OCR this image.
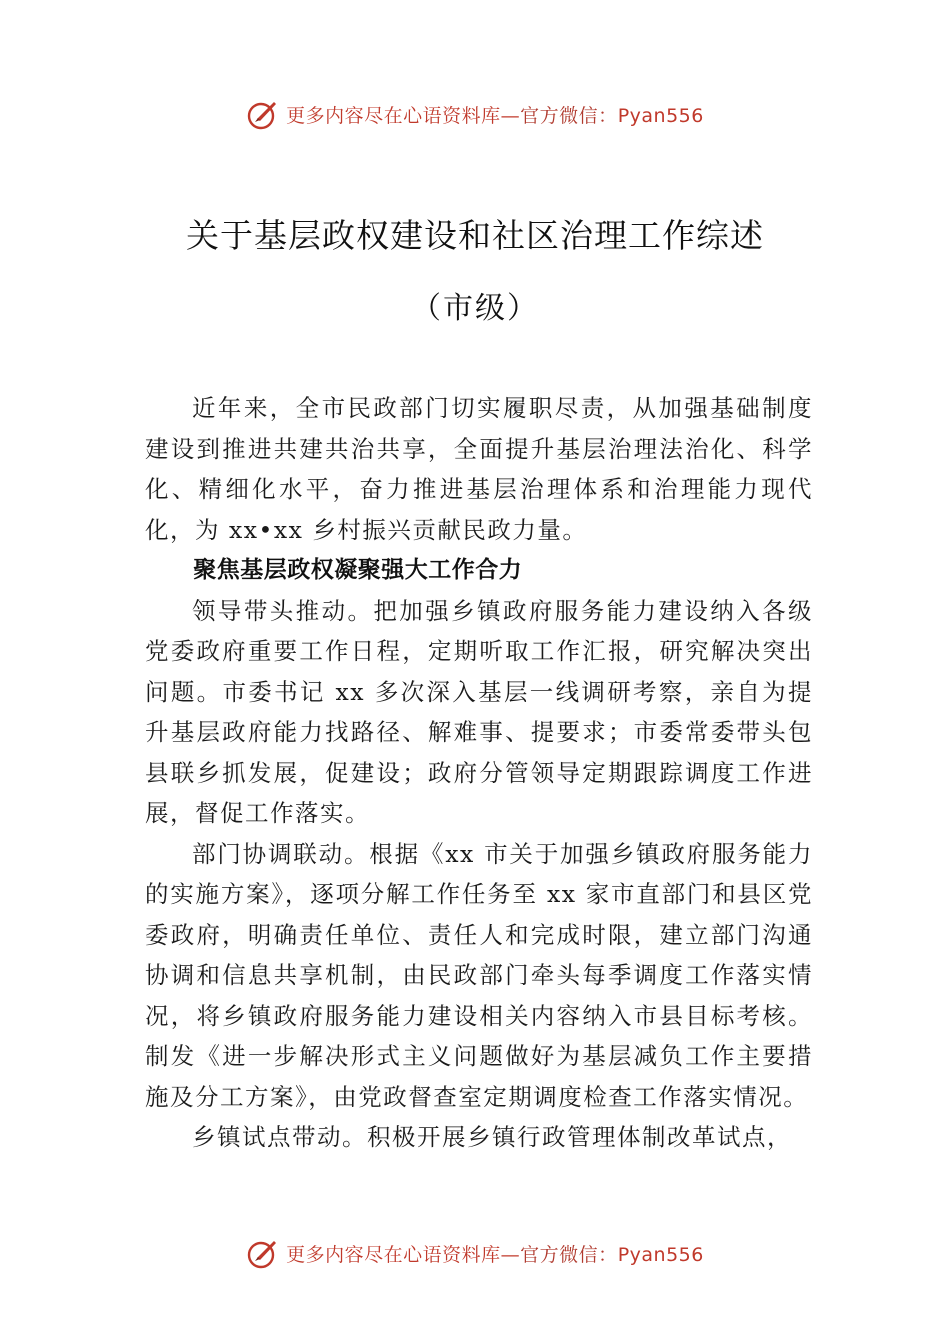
更多内容尽在心语资料库—官方微信：Pyan556
关于基层政权建设和社区治理工作综述
（市级）

近年来，全市民政部门切实履职尽责，从加强基础制度建设到推进共建共治共享，全面提升基层治理法治化、科学化、精细化水平，奋力推进基层治理体系和治理能力现代化，为 xx•xx 乡村振兴贡献民政力量。

聚焦基层政权凝聚强大工作合力

领导带头推动。把加强乡镇政府服务能力建设纳入各级党委政府重要工作日程，定期听取工作汇报，研究解决突出问题。市委书记 xx 多次深入基层一线调研考察，亲自为提升基层政府能力找路径、解难事、提要求；市委常委带头包县联乡抓发展，促建设；政府分管领导定期跟踪调度工作进展，督促工作落实。

部门协调联动。根据《xx 市关于加强乡镇政府服务能力的实施方案》，逐项分解工作任务至 xx 家市直部门和县区党委政府，明确责任单位、责任人和完成时限，建立部门沟通协调和信息共享机制，由民政部门牵头每季调度工作落实情况，将乡镇政府服务能力建设相关内容纳入市县目标考核。 制发《进一步解决形式主义问题做好为基层减负工作主要措施及分工方案》，由党政督查室定期调度检查工作落实情况。

乡镇试点带动。积极开展乡镇行政管理体制改革试点，

更多内容尽在心语资料库—官方微信：Pyan556
